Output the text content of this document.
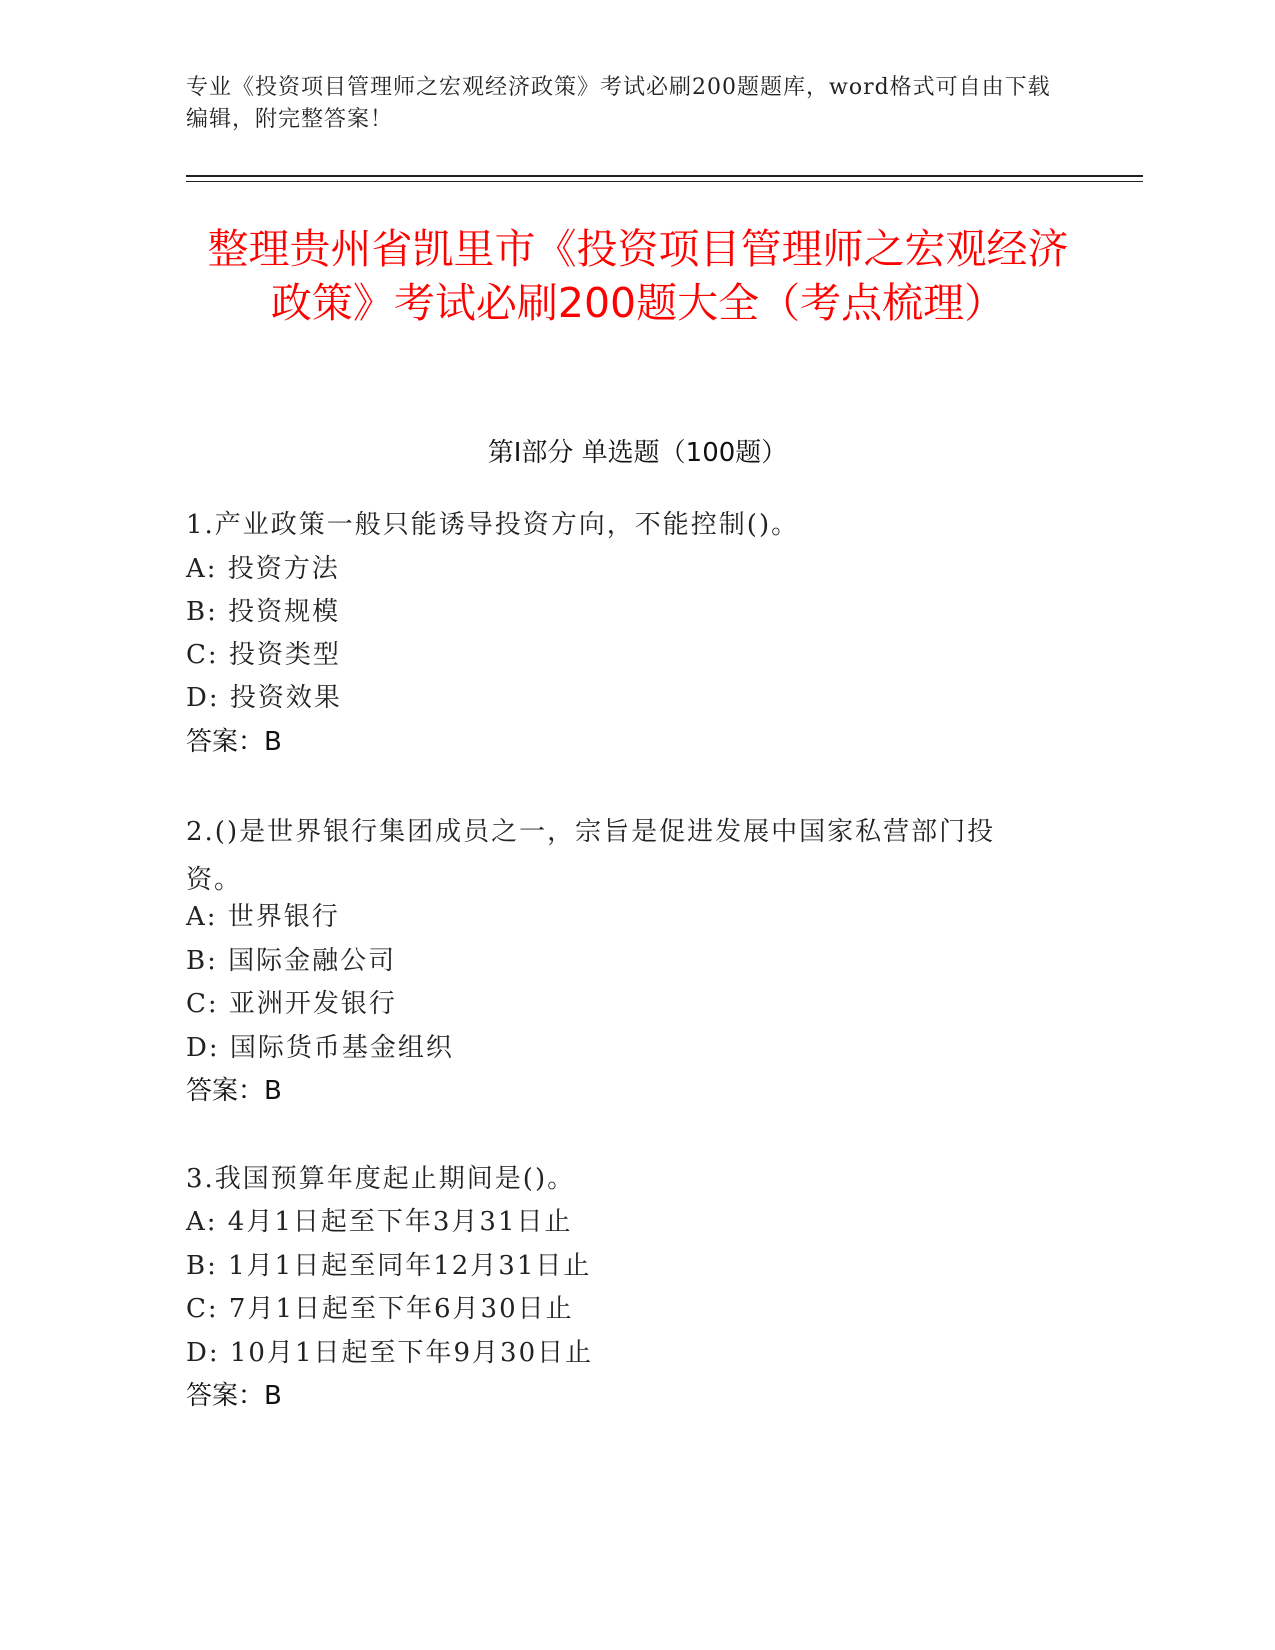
专业《投资项目管理师之宏观经济政策》考试必刷200题题库，word格式可自由下载编辑，附完整答案！
整理贵州省凯里市《投资项目管理师之宏观经济政策》考试必刷200题大全（考点梳理）
第I部分 单选题（100题）
1.产业政策一般只能诱导投资方向，不能控制()。
A: 投资方法
B: 投资规模
C: 投资类型
D: 投资效果
答案：B
2.()是世界银行集团成员之一，宗旨是促进发展中国家私营部门投资。
A: 世界银行
B: 国际金融公司
C: 亚洲开发银行
D: 国际货币基金组织
答案：B
3.我国预算年度起止期间是()。
A: 4月1日起至下年3月31日止
B: 1月1日起至同年12月31日止
C: 7月1日起至下年6月30日止
D: 10月1日起至下年9月30日止
答案：B
